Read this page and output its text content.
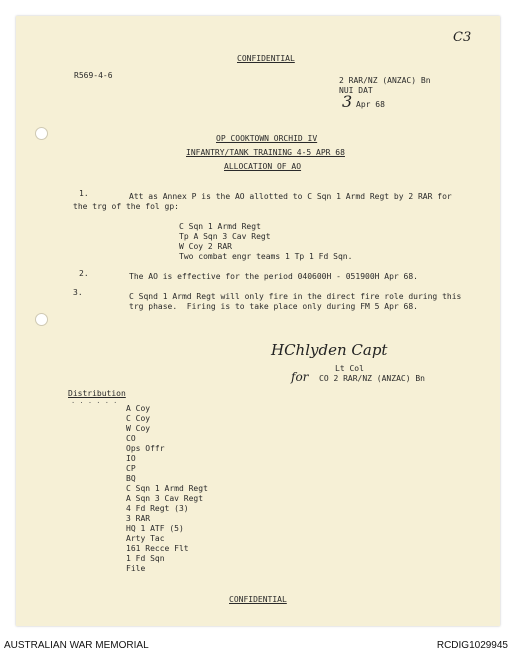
C3
CONFIDENTIAL
R569-4-6
2 RAR/NZ (ANZAC) Bn
NUI DAT
3 Apr 68
OP COOKTOWN ORCHID IV
INFANTRY/TANK TRAINING 4-5 APR 68
ALLOCATION OF AO
1.	Att as Annex P is the AO allotted to C Sqn 1 Armd Regt by 2 RAR for
the trg of the fol gp:
C Sqn 1 Armd Regt
Tp A Sqn 3 Cav Regt
W Coy 2 RAR
Two combat engr teams 1 Tp 1 Fd Sqn.
2.	The AO is effective for the period 040600H - 051900H Apr 68.
3.	C Sqnd 1 Armd Regt will only fire in the direct fire role during this
trg phase.  Firing is to take place only during FM 5 Apr 68.
HChlyden Capt
for
Lt Col
CO 2 RAR/NZ (ANZAC) Bn
Distribution
. . . . . .
A Coy
C Coy
W Coy
CO
Ops Offr
IO
CP
BQ
C Sqn 1 Armd Regt
A Sqn 3 Cav Regt
4 Fd Regt (3)
3 RAR
HQ 1 ATF (5)
Arty Tac
161 Recce Flt
1 Fd Sqn
File
CONFIDENTIAL
AUSTRALIAN WAR MEMORIAL	RCDIG1029945
